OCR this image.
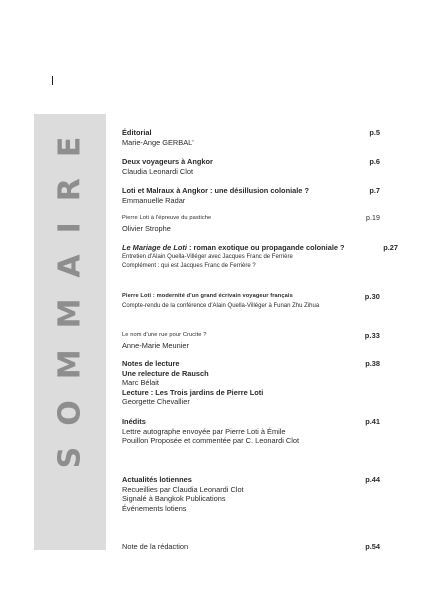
SOMMAIRE	Éditorial	p.5
Marie-Ange GERBAL'
Deux voyageurs à Angkor	p.6
Claudia Leonardi Clot
Loti et Malraux à Angkor : une désillusion coloniale ?	p.7
Emmanuelle Radar
Pierre Loti à l'épreuve du pastiche	p.19
Olivier Strophe
Le Mariage de Loti : roman exotique ou propagande coloniale ?	p.27
Entretien d'Alain Quella-Villéger avec Jacques Franc de Ferrière Complément : qui est Jacques Franc de Ferrière ?
Pierre Loti : modernité d'un grand écrivain voyageur français	p.30
Compte-rendu de la conférence d'Alain Quella-Villéger à Funan Zhu Zihua
Le nom d'une rue pour Crucite ?	p.33
Anne-Marie Meunier
Notes de lecture	p.38
Une relecture de Rausch
Marc Bélait
Lecture : Les Trois jardins de Pierre Loti
Georgette Chevallier
Inédits	p.41
Lettre autographe envoyée par Pierre Loti à Émile Pouillon Proposée et commentée par C. Leonardi Clot
Actualités lotiennes	p.44
Recueillies par Claudia Leonardi Clot Signalé à Bangkok Publications Événements lotiens
Note de la rédaction	p.54
